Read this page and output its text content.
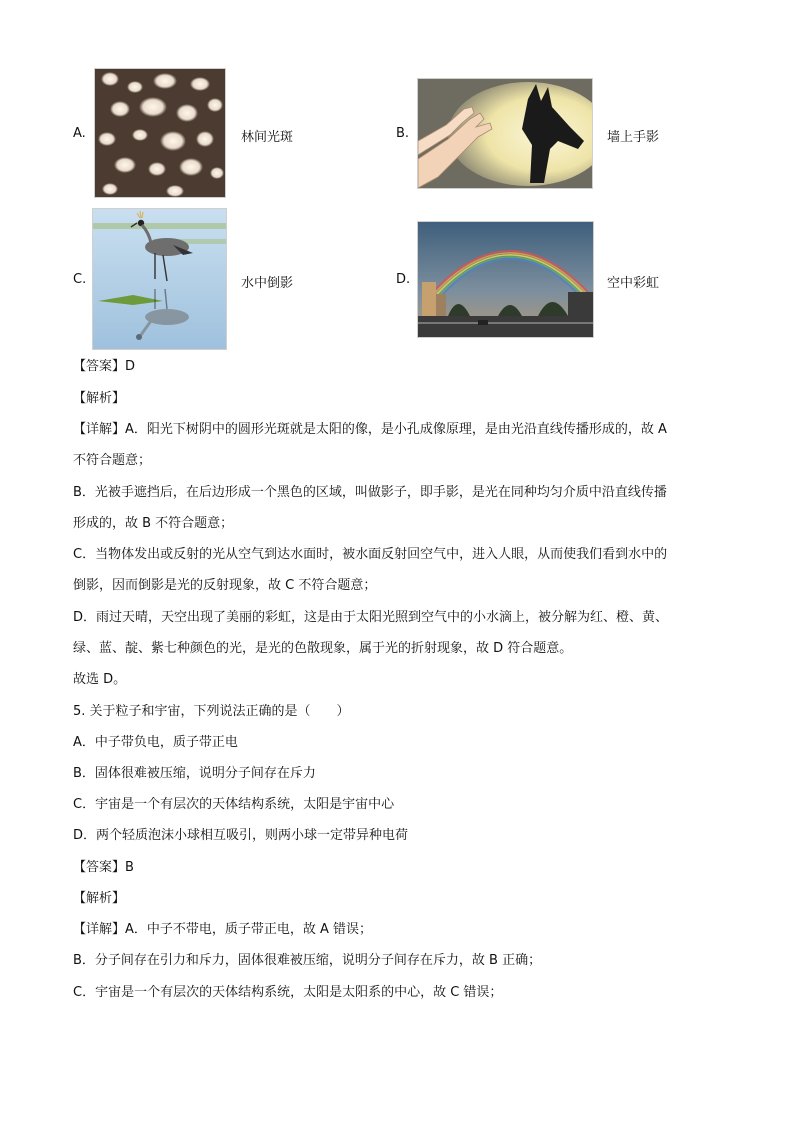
A.	林间光斑	B.	墙上手影
C.	水中倒影	D.	空中彩虹
【答案】D
【解析】
【详解】A．阳光下树阴中的圆形光斑就是太阳的像，是小孔成像原理，是由光沿直线传播形成的，故 A
不符合题意；
B．光被手遮挡后，在后边形成一个黑色的区域，叫做影子，即手影，是光在同种均匀介质中沿直线传播
形成的，故 B 不符合题意；
C．当物体发出或反射的光从空气到达水面时，被水面反射回空气中，进入人眼，从而使我们看到水中的
倒影，因而倒影是光的反射现象，故 C 不符合题意；
D．雨过天晴，天空出现了美丽的彩虹，这是由于太阳光照到空气中的小水滴上，被分解为红、橙、黄、
绿、蓝、靛、紫七种颜色的光，是光的色散现象，属于光的折射现象，故 D 符合题意。
故选 D。
5. 关于粒子和宇宙，下列说法正确的是（　　）
A．中子带负电，质子带正电
B．固体很难被压缩，说明分子间存在斥力
C．宇宙是一个有层次的天体结构系统，太阳是宇宙中心
D．两个轻质泡沫小球相互吸引，则两小球一定带异种电荷
【答案】B
【解析】
【详解】A．中子不带电，质子带正电，故 A 错误；
B．分子间存在引力和斥力，固体很难被压缩，说明分子间存在斥力，故 B 正确；
C．宇宙是一个有层次的天体结构系统，太阳是太阳系的中心，故 C 错误；
